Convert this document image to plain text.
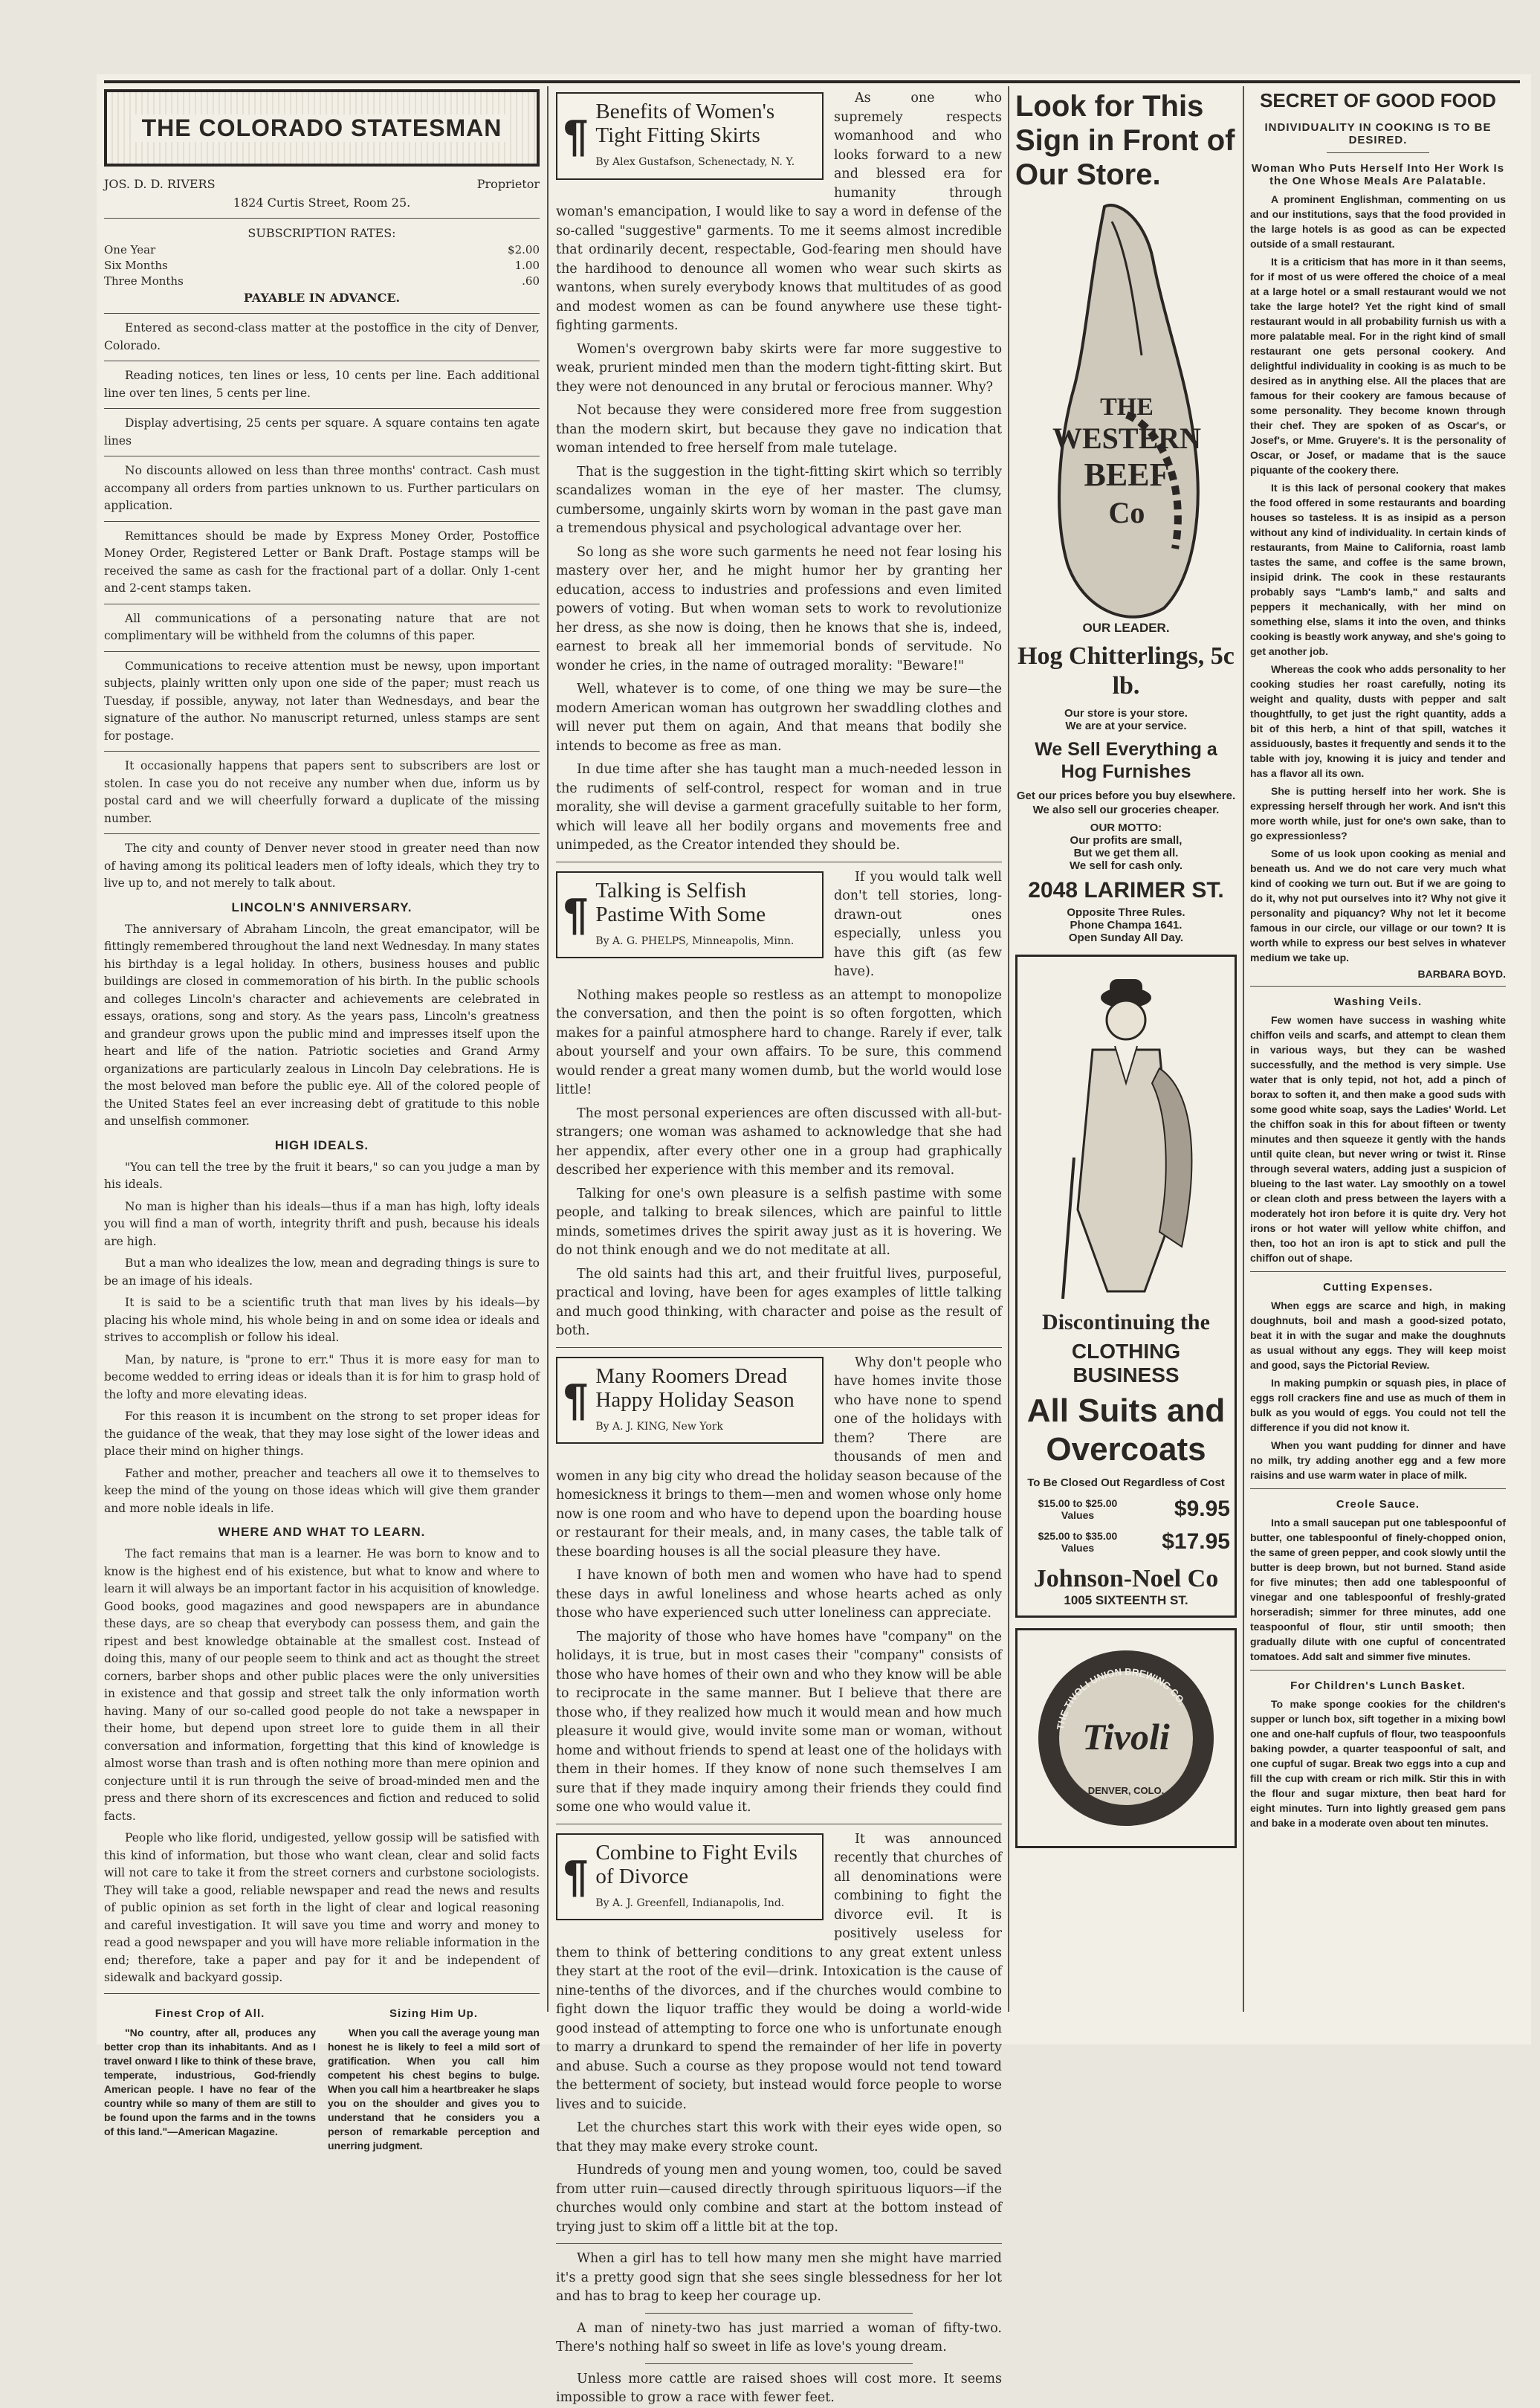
THE COLORADO STATESMAN
JOS. D. D. RIVERS	Proprietor
1824 Curtis Street, Room 25.
SUBSCRIPTION RATES:
One Year	$2.00
Six Months	1.00
Three Months	.60
PAYABLE IN ADVANCE.

Entered as second-class matter at the postoffice in the city of Denver, Colorado.

Reading notices, ten lines or less, 10 cents per line. Each additional line over ten lines, 5 cents per line.

Display advertising, 25 cents per square. A square contains ten agate lines

No discounts allowed on less than three months' contract. Cash must accompany all orders from parties unknown to us. Further particulars on application.

Remittances should be made by Express Money Order, Postoffice Money Order, Registered Letter or Bank Draft. Postage stamps will be received the same as cash for the fractional part of a dollar. Only 1-cent and 2-cent stamps taken.

All communications of a personating nature that are not complimentary will be withheld from the columns of this paper.

Communications to receive attention must be newsy, upon important subjects, plainly written only upon one side of the paper; must reach us Tuesday, if possible, anyway, not later than Wednesdays, and bear the signature of the author. No manuscript returned, unless stamps are sent for postage.

It occasionally happens that papers sent to subscribers are lost or stolen. In case you do not receive any number when due, inform us by postal card and we will cheerfully forward a duplicate of the missing number.

The city and county of Denver never stood in greater need than now of having among its political leaders men of lofty ideals, which they try to live up to, and not merely to talk about.

LINCOLN'S ANNIVERSARY.

The anniversary of Abraham Lincoln, the great emancipator, will be fittingly remembered throughout the land next Wednesday. In many states his birthday is a legal holiday. In others, business houses and public buildings are closed in commemoration of his birth. In the public schools and colleges Lincoln's character and achievements are celebrated in essays, orations, song and story. As the years pass, Lincoln's greatness and grandeur grows upon the public mind and impresses itself upon the heart and life of the nation. Patriotic societies and Grand Army organizations are particularly zealous in Lincoln Day celebrations. He is the most beloved man before the public eye. All of the colored people of the United States feel an ever increasing debt of gratitude to this noble and unselfish commoner.

HIGH IDEALS.

"You can tell the tree by the fruit it bears," so can you judge a man by his ideals.

No man is higher than his ideals—thus if a man has high, lofty ideals you will find a man of worth, integrity thrift and push, because his ideals are high.

But a man who idealizes the low, mean and degrading things is sure to be an image of his ideals.

It is said to be a scientific truth that man lives by his ideals—by placing his whole mind, his whole being in and on some idea or ideals and strives to accomplish or follow his ideal.

Man, by nature, is "prone to err." Thus it is more easy for man to become wedded to erring ideas or ideals than it is for him to grasp hold of the lofty and more elevating ideas.

For this reason it is incumbent on the strong to set proper ideas for the guidance of the weak, that they may lose sight of the lower ideas and place their mind on higher things.

Father and mother, preacher and teachers all owe it to themselves to keep the mind of the young on those ideas which will give them grander and more noble ideals in life.

WHERE AND WHAT TO LEARN.

The fact remains that man is a learner. He was born to know and to know is the highest end of his existence, but what to know and where to learn it will always be an important factor in his acquisition of knowledge. Good books, good magazines and good newspapers are in abundance these days, are so cheap that everybody can possess them, and gain the ripest and best knowledge obtainable at the smallest cost. Instead of doing this, many of our people seem to think and act as thought the street corners, barber shops and other public places were the only universities in existence and that gossip and street talk the only information worth having. Many of our so-called good people do not take a newspaper in their home, but depend upon street lore to guide them in all their conversation and information, forgetting that this kind of knowledge is almost worse than trash and is often nothing more than mere opinion and conjecture until it is run through the seive of broad-minded men and the press and there shorn of its excrescences and fiction and reduced to solid facts.

People who like florid, undigested, yellow gossip will be satisfied with this kind of information, but those who want clean, clear and solid facts will not care to take it from the street corners and curbstone sociologists. They will take a good, reliable newspaper and read the news and results of public opinion as set forth in the light of clear and logical reasoning and careful investigation. It will save you time and worry and money to read a good newspaper and you will have more reliable information in the end; therefore, take a paper and pay for it and be independent of sidewalk and backyard gossip.

Finest Crop of All.

"No country, after all, produces any better crop than its inhabitants. And as I travel onward I like to think of these brave, temperate, industrious, God-friendly American people. I have no fear of the country while so many of them are still to be found upon the farms and in the towns of this land."—American Magazine.

Sizing Him Up.

When you call the average young man honest he is likely to feel a mild sort of gratification. When you call him competent his chest begins to bulge. When you call him a heartbreaker he slaps you on the shoulder and gives you to understand that he considers you a person of remarkable perception and unerring judgment.

¶ Benefits of Women's Tight Fitting Skirts
By Alex Gustafson, Schenectady, N. Y.

As one who supremely respects womanhood and who looks forward to a new and blessed era for humanity through woman's emancipation, I would like to say a word in defense of the so-called "suggestive" garments. To me it seems almost incredible that ordinarily decent, respectable, God-fearing men should have the hardihood to denounce all women who wear such skirts as wantons, when surely everybody knows that multitudes of as good and modest women as can be found anywhere use these tight-fighting garments.

Women's overgrown baby skirts were far more suggestive to weak, prurient minded men than the modern tight-fitting skirt. But they were not denounced in any brutal or ferocious manner. Why?

Not because they were considered more free from suggestion than the modern skirt, but because they gave no indication that woman intended to free herself from male tutelage.

That is the suggestion in the tight-fitting skirt which so terribly scandalizes woman in the eye of her master. The clumsy, cumbersome, ungainly skirts worn by woman in the past gave man a tremendous physical and psychological advantage over her.

So long as she wore such garments he need not fear losing his mastery over her, and he might humor her by granting her education, access to industries and professions and even limited powers of voting. But when woman sets to work to revolutionize her dress, as she now is doing, then he knows that she is, indeed, earnest to break all her immemorial bonds of servitude. No wonder he cries, in the name of outraged morality: "Beware!"

Well, whatever is to come, of one thing we may be sure—the modern American woman has outgrown her swaddling clothes and will never put them on again, And that means that bodily she intends to become as free as man.

In due time after she has taught man a much-needed lesson in the rudiments of self-control, respect for woman and in true morality, she will devise a garment gracefully suitable to her form, which will leave all her bodily organs and movements free and unimpeded, as the Creator intended they should be.

¶ Talking is Selfish Pastime With Some
By A. G. PHELPS, Minneapolis, Minn.

If you would talk well don't tell stories, long-drawn-out ones especially, unless you have this gift (as few have).

Nothing makes people so restless as an attempt to monopolize the conversation, and then the point is so often forgotten, which makes for a painful atmosphere hard to change. Rarely if ever, talk about yourself and your own affairs. To be sure, this commend would render a great many women dumb, but the world would lose little!

The most personal experiences are often discussed with all-but-strangers; one woman was ashamed to acknowledge that she had her appendix, after every other one in a group had graphically described her experience with this member and its removal.

Talking for one's own pleasure is a selfish pastime with some people, and talking to break silences, which are painful to little minds, sometimes drives the spirit away just as it is hovering. We do not think enough and we do not meditate at all.

The old saints had this art, and their fruitful lives, purposeful, practical and loving, have been for ages examples of little talking and much good thinking, with character and poise as the result of both.

¶ Many Roomers Dread Happy Holiday Season
By A. J. KING, New York

Why don't people who have homes invite those who have none to spend one of the holidays with them? There are thousands of men and women in any big city who dread the holiday season because of the homesickness it brings to them—men and women whose only home now is one room and who have to depend upon the boarding house or restaurant for their meals, and, in many cases, the table talk of these boarding houses is all the social pleasure they have.

I have known of both men and women who have had to spend these days in awful loneliness and whose hearts ached as only those who have experienced such utter loneliness can appreciate.

The majority of those who have homes have "company" on the holidays, it is true, but in most cases their "company" consists of those who have homes of their own and who they know will be able to reciprocate in the same manner. But I believe that there are those who, if they realized how much it would mean and how much pleasure it would give, would invite some man or woman, without home and without friends to spend at least one of the holidays with them in their homes. If they know of none such themselves I am sure that if they made inquiry among their friends they could find some one who would value it.

¶ Combine to Fight Evils of Divorce
By A. J. Greenfell, Indianapolis, Ind.

It was announced recently that churches of all denominations were combining to fight the divorce evil. It is positively useless for them to think of bettering conditions to any great extent unless they start at the root of the evil—drink. Intoxication is the cause of nine-tenths of the divorces, and if the churches would combine to fight down the liquor traffic they would be doing a world-wide good instead of attempting to force one who is unfortunate enough to marry a drunkard to spend the remainder of her life in poverty and abuse. Such a course as they propose would not tend toward the betterment of society, but instead would force people to worse lives and to suicide.

Let the churches start this work with their eyes wide open, so that they may make every stroke count.

Hundreds of young men and young women, too, could be saved from utter ruin—caused directly through spirituous liquors—if the churches would only combine and start at the bottom instead of trying just to skim off a little bit at the top.

When a girl has to tell how many men she might have married it's a pretty good sign that she sees single blessedness for her lot and has to brag to keep her courage up.

A man of ninety-two has just married a woman of fifty-two. There's nothing half so sweet in life as love's young dream.

Unless more cattle are raised shoes will cost more. It seems impossible to grow a race with fewer feet.

Look for This Sign in Front of Our Store.
THE
WESTERN
BEEF
Co
OUR LEADER.
Hog Chitterlings, 5c lb.
Our store is your store.
We are at your service.
We Sell Everything a Hog Furnishes
Get our prices before you buy elsewhere. We also sell our groceries cheaper.
OUR MOTTO:
Our profits are small,
But we get them all.
We sell for cash only.
2048 LARIMER ST.
Opposite Three Rules.
Phone Champa 1641.
Open Sunday All Day.
Discontinuing the
CLOTHING BUSINESS
All Suits and
Overcoats
To Be Closed Out Regardless of Cost
$15.00 to $25.00 Values	$9.95
$25.00 to $35.00 Values	$17.95
Johnson-Noel Co
1005 SIXTEENTH ST.
THE TIVOLI UNION BREWING CO.
Tivoli
DENVER, COLO.
SECRET OF GOOD FOOD
INDIVIDUALITY IN COOKING IS TO BE DESIRED.
Woman Who Puts Herself Into Her Work Is the One Whose Meals Are Palatable.

A prominent Englishman, commenting on us and our institutions, says that the food provided in the large hotels is as good as can be expected outside of a small restaurant.

It is a criticism that has more in it than seems, for if most of us were offered the choice of a meal at a large hotel or a small restaurant would we not take the large hotel? Yet the right kind of small restaurant would in all probability furnish us with a more palatable meal. For in the right kind of small restaurant one gets personal cookery. And delightful individuality in cooking is as much to be desired as in anything else. All the places that are famous for their cookery are famous because of some personality. They become known through their chef. They are spoken of as Oscar's, or Josef's, or Mme. Gruyere's. It is the personality of Oscar, or Josef, or madame that is the sauce piquante of the cookery there.

It is this lack of personal cookery that makes the food offered in some restaurants and boarding houses so tasteless. It is as insipid as a person without any kind of individuality. In certain kinds of restaurants, from Maine to California, roast lamb tastes the same, and coffee is the same brown, insipid drink. The cook in these restaurants probably says "Lamb's lamb," and salts and peppers it mechanically, with her mind on something else, slams it into the oven, and thinks cooking is beastly work anyway, and she's going to get another job.

Whereas the cook who adds personality to her cooking studies her roast carefully, noting its weight and quality, dusts with pepper and salt thoughtfully, to get just the right quantity, adds a bit of this herb, a hint of that spill, watches it assiduously, bastes it frequently and sends it to the table with joy, knowing it is juicy and tender and has a flavor all its own.

She is putting herself into her work. She is expressing herself through her work. And isn't this more worth while, just for one's own sake, than to go expressionless?

Some of us look upon cooking as menial and beneath us. And we do not care very much what kind of cooking we turn out. But if we are going to do it, why not put ourselves into it? Why not give it personality and piquancy? Why not let it become famous in our circle, our village or our town? It is worth while to express our best selves in whatever medium we take up.

BARBARA BOYD.
Washing Veils.

Few women have success in washing white chiffon veils and scarfs, and attempt to clean them in various ways, but they can be washed successfully, and the method is very simple. Use water that is only tepid, not hot, add a pinch of borax to soften it, and then make a good suds with some good white soap, says the Ladies' World. Let the chiffon soak in this for about fifteen or twenty minutes and then squeeze it gently with the hands until quite clean, but never wring or twist it. Rinse through several waters, adding just a suspicion of blueing to the last water. Lay smoothly on a towel or clean cloth and press between the layers with a moderately hot iron before it is quite dry. Very hot irons or hot water will yellow white chiffon, and then, too hot an iron is apt to stick and pull the chiffon out of shape.

Cutting Expenses.

When eggs are scarce and high, in making doughnuts, boil and mash a good-sized potato, beat it in with the sugar and make the doughnuts as usual without any eggs. They will keep moist and good, says the Pictorial Review.

In making pumpkin or squash pies, in place of eggs roll crackers fine and use as much of them in bulk as you would of eggs. You could not tell the difference if you did not know it.

When you want pudding for dinner and have no milk, try adding another egg and a few more raisins and use warm water in place of milk.

Creole Sauce.

Into a small saucepan put one tablespoonful of butter, one tablespoonful of finely-chopped onion, the same of green pepper, and cook slowly until the butter is deep brown, but not burned. Stand aside for five minutes; then add one tablespoonful of vinegar and one tablespoonful of freshly-grated horseradish; simmer for three minutes, add one teaspoonful of flour, stir until smooth; then gradually dilute with one cupful of concentrated tomatoes. Add salt and simmer five minutes.

For Children's Lunch Basket.

To make sponge cookies for the children's supper or lunch box, sift together in a mixing bowl one and one-half cupfuls of flour, two teaspoonfuls baking powder, a quarter teaspoonful of salt, and one cupful of sugar. Break two eggs into a cup and fill the cup with cream or rich milk. Stir this in with the flour and sugar mixture, then beat hard for eight minutes. Turn into lightly greased gem pans and bake in a moderate oven about ten minutes.
